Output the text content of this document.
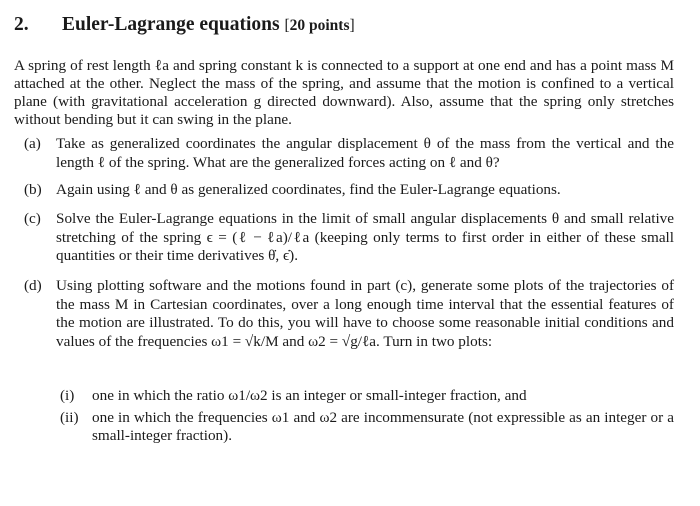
2. Euler-Lagrange equations [20 points]
A spring of rest length ℓa and spring constant k is connected to a support at one end and has a point mass M attached at the other. Neglect the mass of the spring, and assume that the motion is confined to a vertical plane (with gravitational acceleration g directed downward). Also, assume that the spring only stretches without bending but it can swing in the plane.
(a) Take as generalized coordinates the angular displacement θ of the mass from the vertical and the length ℓ of the spring. What are the generalized forces acting on ℓ and θ?
(b) Again using ℓ and θ as generalized coordinates, find the Euler-Lagrange equations.
(c) Solve the Euler-Lagrange equations in the limit of small angular displacements θ and small relative stretching of the spring ϵ = (ℓ − ℓa)/ℓa (keeping only terms to first order in either of these small quantities or their time derivatives θ̇, ϵ̇).
(d) Using plotting software and the motions found in part (c), generate some plots of the trajectories of the mass M in Cartesian coordinates, over a long enough time interval that the essential features of the motion are illustrated. To do this, you will have to choose some reasonable initial conditions and values of the frequencies ω1 = √k/M and ω2 = √g/ℓa. Turn in two plots:
(i) one in which the ratio ω1/ω2 is an integer or small-integer fraction, and
(ii) one in which the frequencies ω1 and ω2 are incommensurate (not expressible as an integer or a small-integer fraction).
